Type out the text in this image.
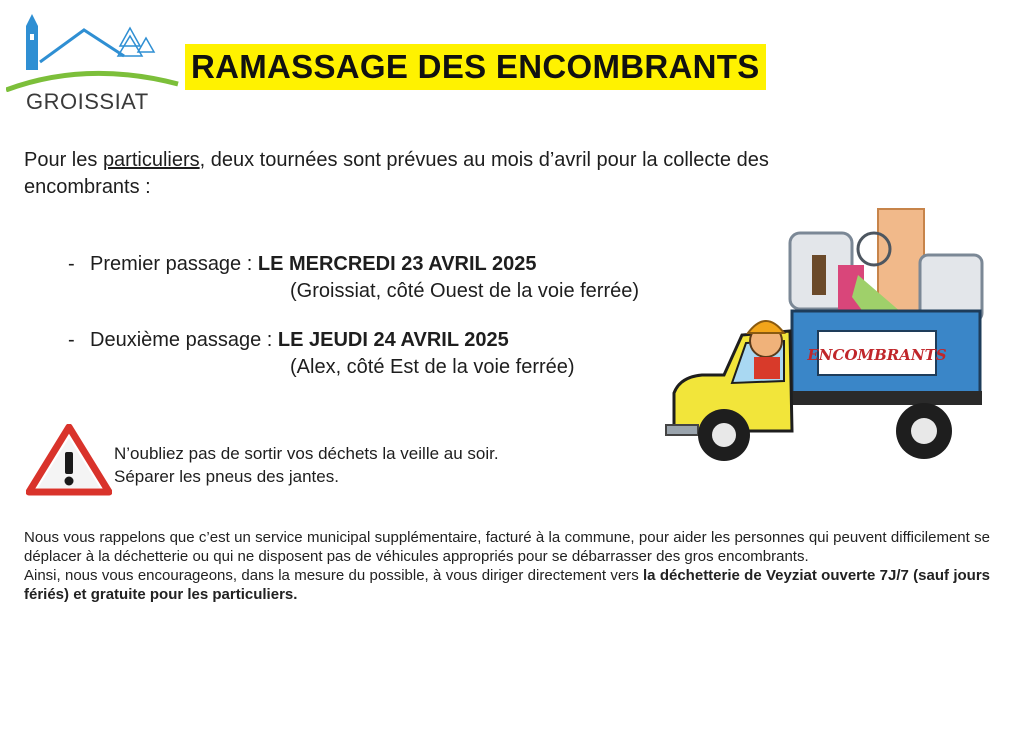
GROISSIAT
RAMASSAGE DES ENCOMBRANTS
Pour les particuliers, deux tournées sont prévues au mois d’avril pour la collecte des encombrants :
- Premier passage : LE MERCREDI 23 AVRIL 2025
(Groissiat, côté Ouest de la voie ferrée)
- Deuxième passage : LE JEUDI 24 AVRIL 2025
(Alex, côté Est de la voie ferrée)
N’oubliez pas de sortir vos déchets la veille au soir.
Séparer les pneus des jantes.
ENCOMBRANTS
Nous vous rappelons que c’est un service municipal supplémentaire, facturé à la commune, pour aider les personnes qui peuvent difficilement se déplacer à la déchetterie ou qui ne disposent pas de véhicules appropriés pour se débarrasser des gros encombrants.
Ainsi, nous vous encourageons, dans la mesure du possible, à vous diriger directement vers la déchetterie de Veyziat ouverte 7J/7 (sauf jours fériés) et gratuite pour les particuliers.
